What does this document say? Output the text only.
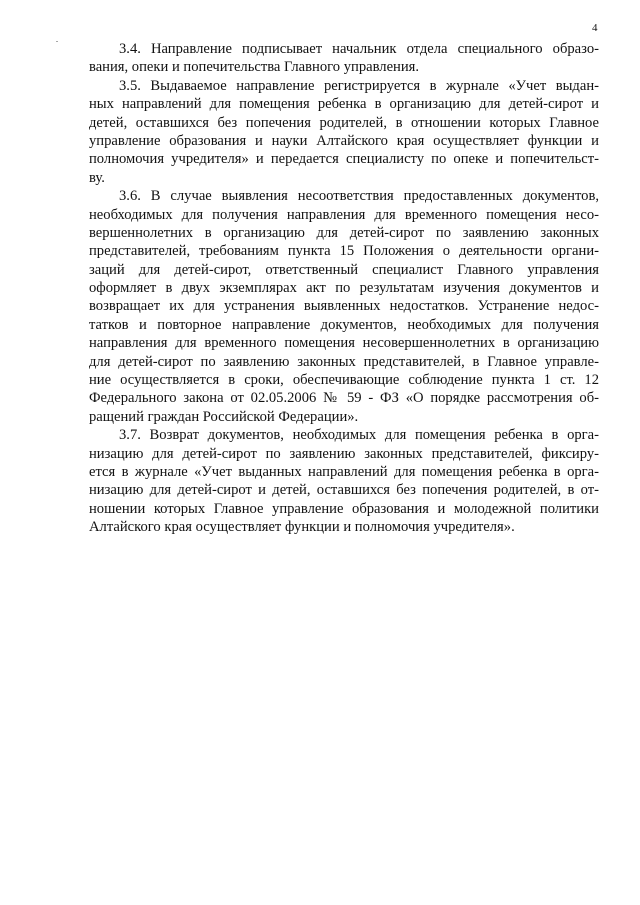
4
.
3.4. Направление подписывает начальник отдела специального образо-
вания, опеки и попечительства Главного управления.
3.5. Выдаваемое направление регистрируется в журнале «Учет выдан-
ных направлений для помещения ребенка в организацию для детей-сирот и
детей, оставшихся без попечения родителей, в отношении которых Главное
управление образования и науки Алтайского края осуществляет функции и
полномочия учредителя» и передается специалисту по опеке и попечительст-
ву.
3.6. В случае выявления несоответствия предоставленных документов,
необходимых для получения направления для временного помещения несо-
вершеннолетних в организацию для детей-сирот по заявлению законных
представителей, требованиям пункта 15 Положения о деятельности органи-
заций для детей-сирот, ответственный специалист Главного управления
оформляет в двух экземплярах акт по результатам изучения документов и
возвращает их для устранения выявленных недостатков. Устранение недос-
татков и повторное направление документов, необходимых для получения
направления для временного помещения несовершеннолетних в организацию
для детей-сирот по заявлению законных представителей, в Главное управле-
ние осуществляется в сроки, обеспечивающие соблюдение пункта 1 ст. 12
Федерального закона от 02.05.2006 № 59 - ФЗ «О порядке рассмотрения об-
ращений граждан Российской Федерации».
3.7. Возврат документов, необходимых для помещения ребенка в орга-
низацию для детей-сирот по заявлению законных представителей, фиксиру-
ется в журнале «Учет выданных направлений для помещения ребенка в орга-
низацию для детей-сирот и детей, оставшихся без попечения родителей, в от-
ношении которых Главное управление образования и молодежной политики
Алтайского края осуществляет функции и полномочия учредителя».
